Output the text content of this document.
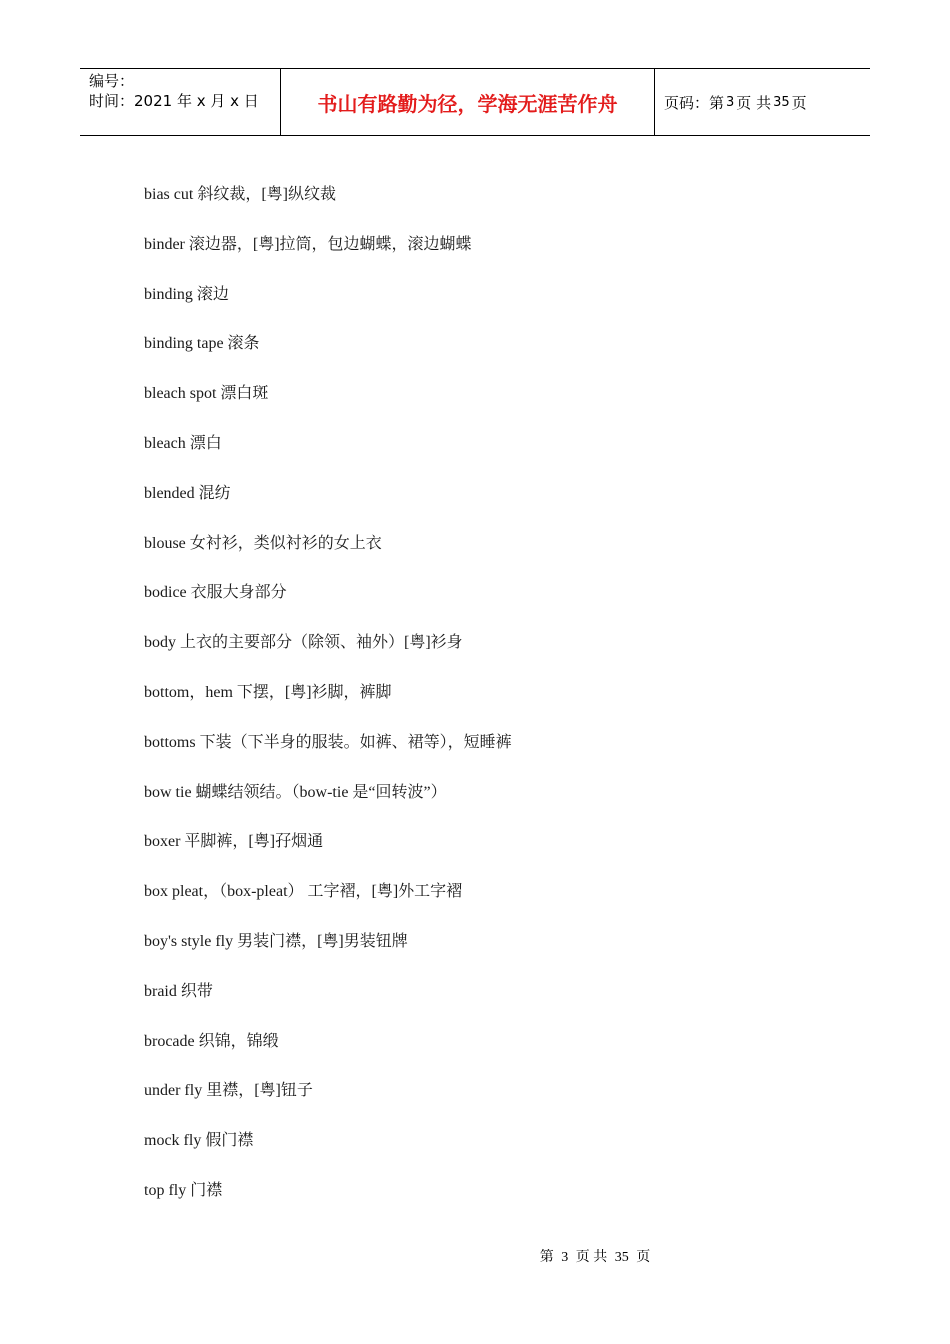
编号：
时间：2021 年 x 月 x 日	书山有路勤为径，学海无涯苦作舟	页码：第 3 页 共 35 页
bias cut 斜纹裁，[粤]纵纹裁
binder 滚边器，[粤]拉筒，包边蝴蝶，滚边蝴蝶
binding 滚边
binding tape 滚条
bleach spot 漂白斑
bleach 漂白
blended 混纺
blouse 女衬衫，类似衬衫的女上衣
bodice 衣服大身部分
body 上衣的主要部分（除领、袖外）[粤]衫身
bottom，hem 下摆，[粤]衫脚，裤脚
bottoms 下装（下半身的服装。如裤、裙等），短睡裤
bow tie 蝴蝶结领结。（bow-tie 是“回转波”）
boxer 平脚裤，[粤]孖烟通
box pleat，（box-pleat） 工字褶，[粤]外工字褶
boy's style fly 男装门襟，[粤]男装钮牌
braid 织带
brocade 织锦，锦缎
under fly 里襟，[粤]钮子
mock fly 假门襟
top fly 门襟
第 3 页 共 35 页
